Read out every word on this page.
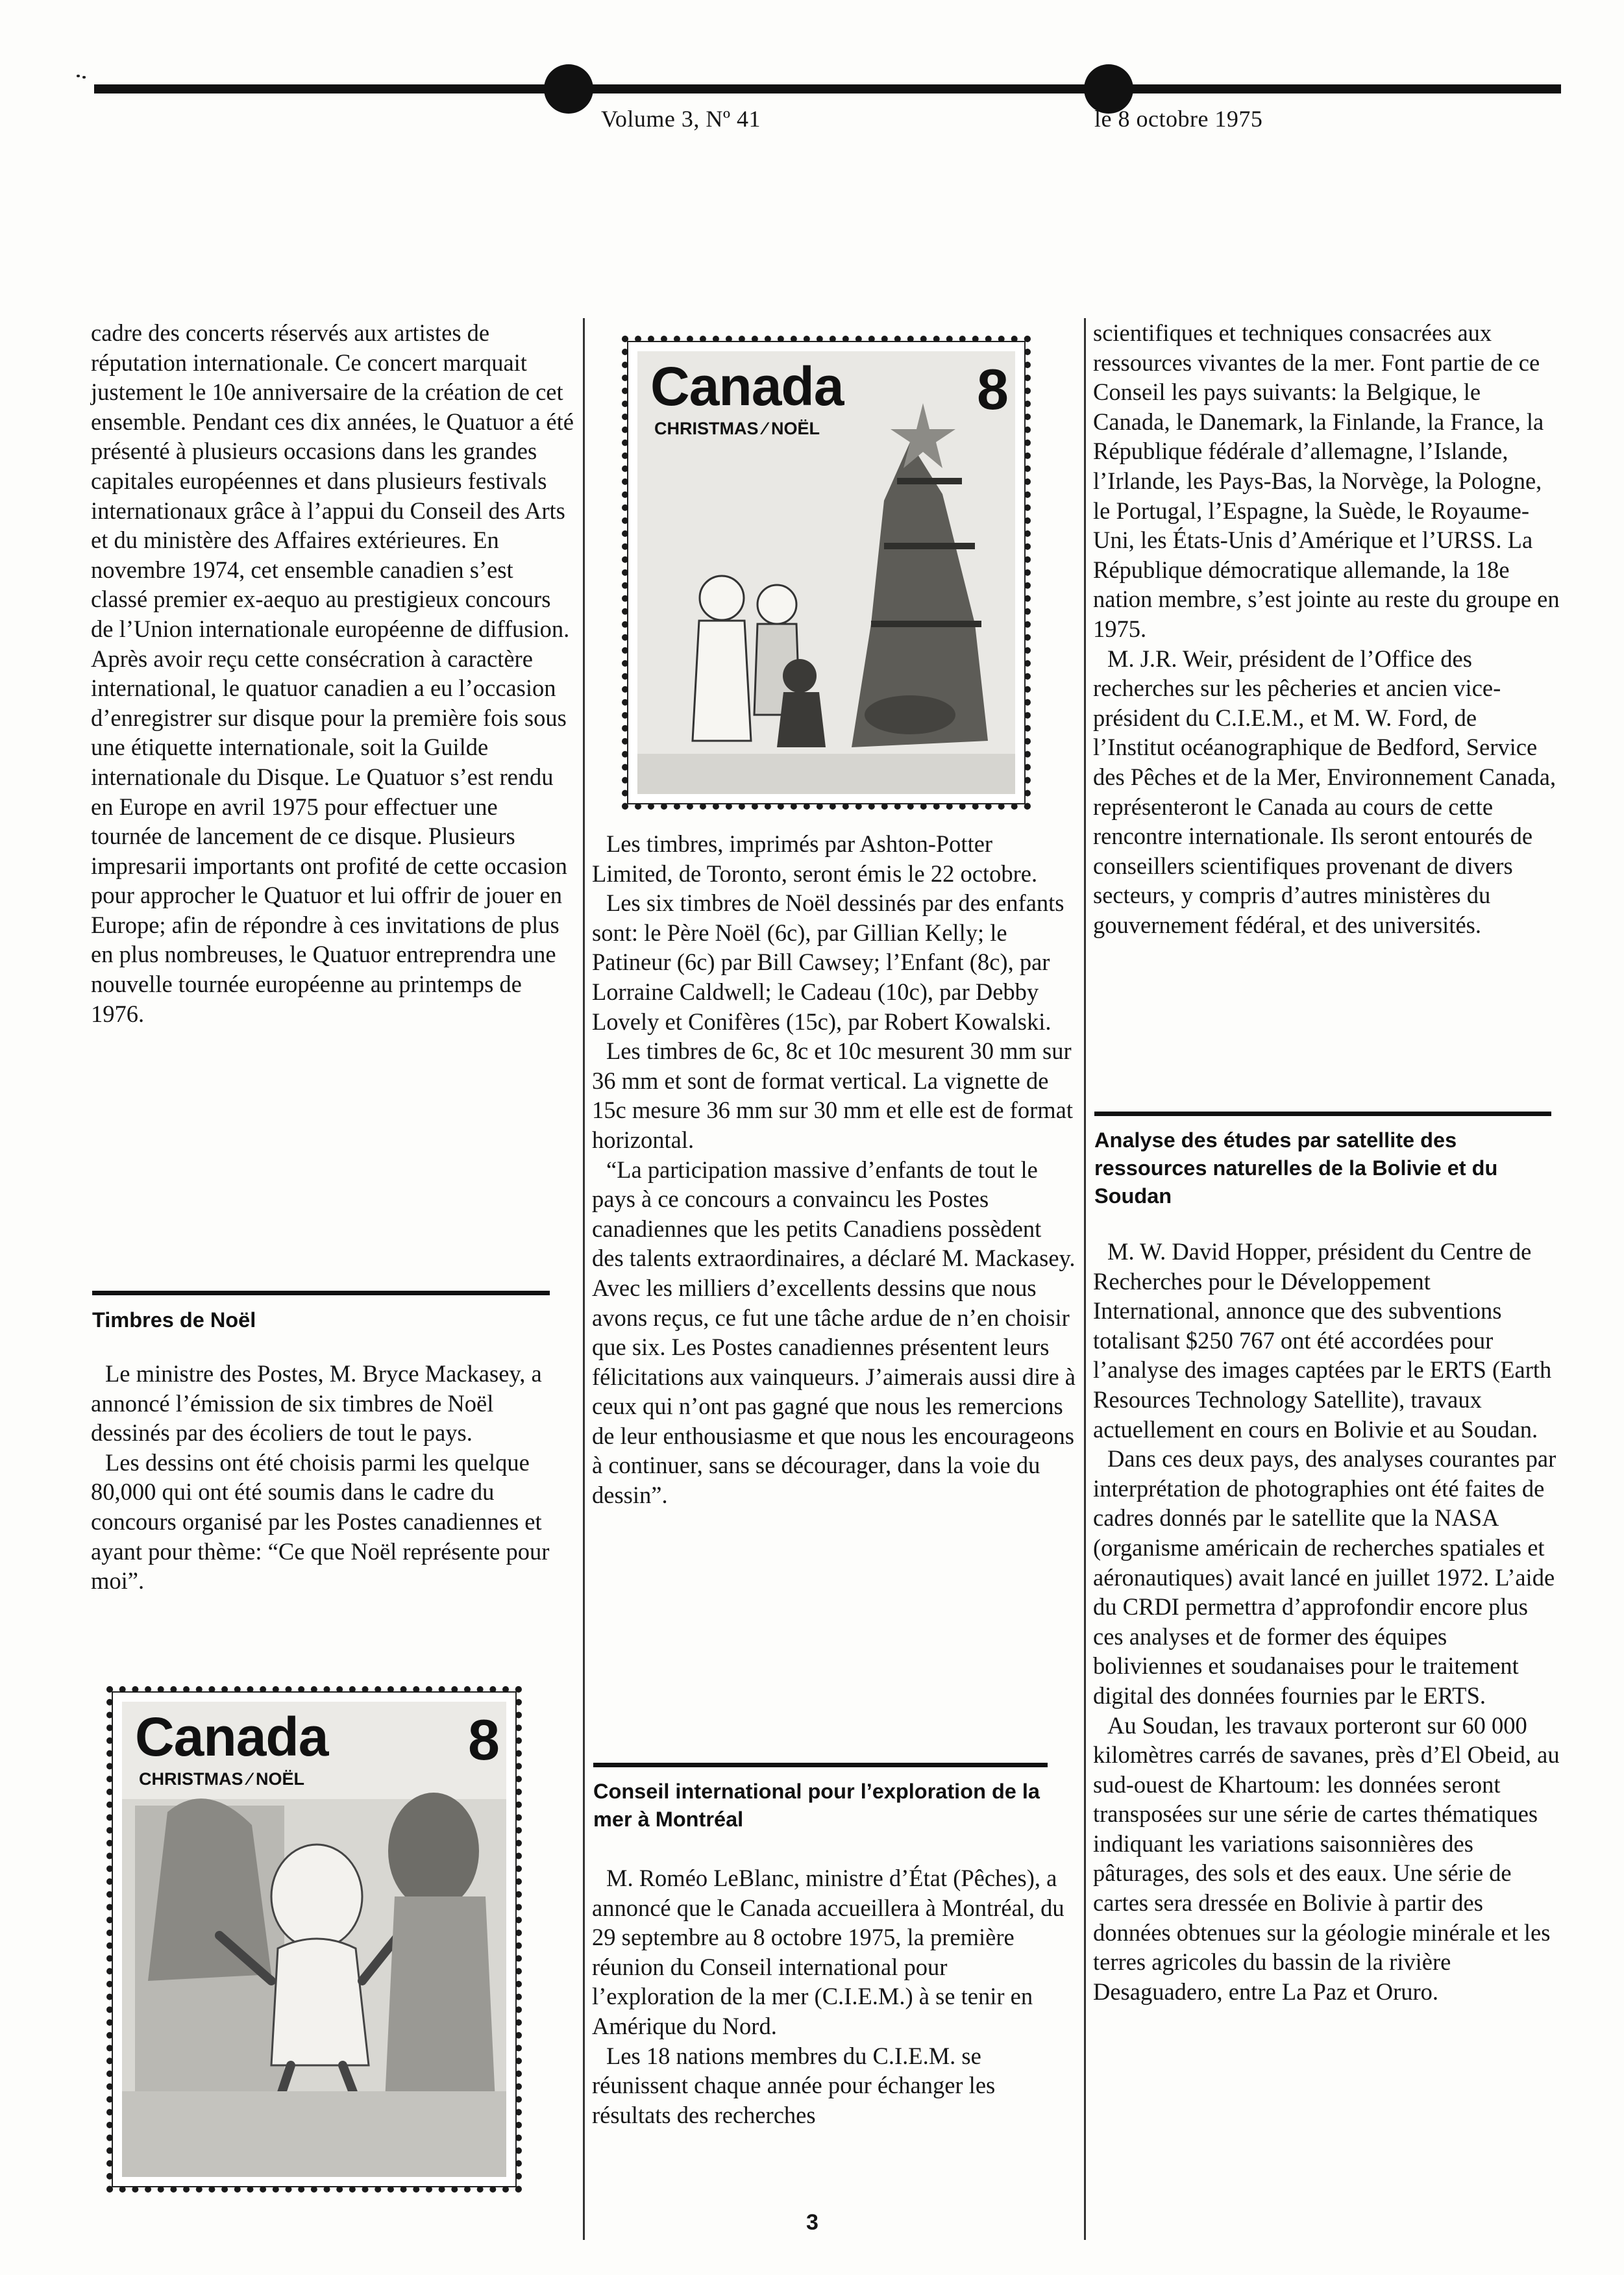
Volume 3, Nº 41	le 8 octobre 1975

cadre des concerts réservés aux artistes de réputation internationale. Ce concert marquait justement le 10e anniversaire de la création de cet ensemble. Pendant ces dix années, le Quatuor a été présenté à plusieurs occasions dans les grandes capitales européennes et dans plusieurs festivals internationaux grâce à l’appui du Conseil des Arts et du ministère des Affaires extérieures. En novembre 1974, cet ensemble canadien s’est classé premier ex-aequo au prestigieux concours de l’Union internationale européenne de diffusion. Après avoir reçu cette consécration à caractère international, le quatuor canadien a eu l’occasion d’enregistrer sur disque pour la première fois sous une étiquette internationale, soit la Guilde internationale du Disque. Le Quatuor s’est rendu en Europe en avril 1975 pour effectuer une tournée de lancement de ce disque. Plusieurs impresarii importants ont profité de cette occasion pour approcher le Quatuor et lui offrir de jouer en Europe; afin de répondre à ces invitations de plus en plus nombreuses, le Quatuor entreprendra une nouvelle tournée européenne au printemps de 1976.

Timbres de Noël

Le ministre des Postes, M. Bryce Mackasey, a annoncé l’émission de six timbres de Noël dessinés par des écoliers de tout le pays.

Les dessins ont été choisis parmi les quelque 80,000 qui ont été soumis dans le cadre du concours organisé par les Postes canadiennes et ayant pour thème: “Ce que Noël représente pour moi”.

Canada
CHRISTMAS ⁄ NOËL
8
Canada
CHRISTMAS ⁄ NOËL
8

Les timbres, imprimés par Ashton-Potter Limited, de Toronto, seront émis le 22 octobre.

Les six timbres de Noël dessinés par des enfants sont: le Père Noël (6c), par Gillian Kelly; le Patineur (6c) par Bill Cawsey; l’Enfant (8c), par Lorraine Caldwell; le Cadeau (10c), par Debby Lovely et Conifères (15c), par Robert Kowalski.

Les timbres de 6c, 8c et 10c mesurent 30 mm sur 36 mm et sont de format vertical. La vignette de 15c mesure 36 mm sur 30 mm et elle est de format horizontal.

“La participation massive d’enfants de tout le pays à ce concours a convaincu les Postes canadiennes que les petits Canadiens possèdent des talents extraordinaires, a déclaré M. Mackasey. Avec les milliers d’excellents dessins que nous avons reçus, ce fut une tâche ardue de n’en choisir que six. Les Postes canadiennes présentent leurs félicitations aux vainqueurs. J’aimerais aussi dire à ceux qui n’ont pas gagné que nous les remercions de leur enthousiasme et que nous les encourageons à continuer, sans se décourager, dans la voie du dessin”.

Conseil international pour l’exploration de la mer à Montréal

M. Roméo LeBlanc, ministre d’État (Pêches), a annoncé que le Canada accueillera à Montréal, du 29 septembre au 8 octobre 1975, la première réunion du Conseil international pour l’exploration de la mer (C.I.E.M.) à se tenir en Amérique du Nord.

Les 18 nations membres du C.I.E.M. se réunissent chaque année pour échanger les résultats des recherches

scientifiques et techniques consacrées aux ressources vivantes de la mer. Font partie de ce Conseil les pays suivants: la Belgique, le Canada, le Danemark, la Finlande, la France, la République fédérale d’allemagne, l’Islande, l’Irlande, les Pays-Bas, la Norvège, la Pologne, le Portugal, l’Espagne, la Suède, le Royaume-Uni, les États-Unis d’Amérique et l’URSS. La République démocratique allemande, la 18e nation membre, s’est jointe au reste du groupe en 1975.

M. J.R. Weir, président de l’Office des recherches sur les pêcheries et ancien vice-président du C.I.E.M., et M. W. Ford, de l’Institut océanographique de Bedford, Service des Pêches et de la Mer, Environnement Canada, représenteront le Canada au cours de cette rencontre internationale. Ils seront entourés de conseillers scientifiques provenant de divers secteurs, y compris d’autres ministères du gouvernement fédéral, et des universités.

Analyse des études par satellite des ressources naturelles de la Bolivie et du Soudan

M. W. David Hopper, président du Centre de Recherches pour le Développement International, annonce que des subventions totalisant $250 767 ont été accordées pour l’analyse des images captées par le ERTS (Earth Resources Technology Satellite), travaux actuellement en cours en Bolivie et au Soudan.

Dans ces deux pays, des analyses courantes par interprétation de photographies ont été faites de cadres donnés par le satellite que la NASA (organisme américain de recherches spatiales et aéronautiques) avait lancé en juillet 1972. L’aide du CRDI permettra d’approfondir encore plus ces analyses et de former des équipes boliviennes et soudanaises pour le traitement digital des données fournies par le ERTS.

Au Soudan, les travaux porteront sur 60 000 kilomètres carrés de savanes, près d’El Obeid, au sud-ouest de Khartoum: les données seront transposées sur une série de cartes thématiques indiquant les variations saisonnières des pâturages, des sols et des eaux. Une série de cartes sera dressée en Bolivie à partir des données obtenues sur la géologie minérale et les terres agricoles du bassin de la rivière Desaguadero, entre La Paz et Oruro.

3
